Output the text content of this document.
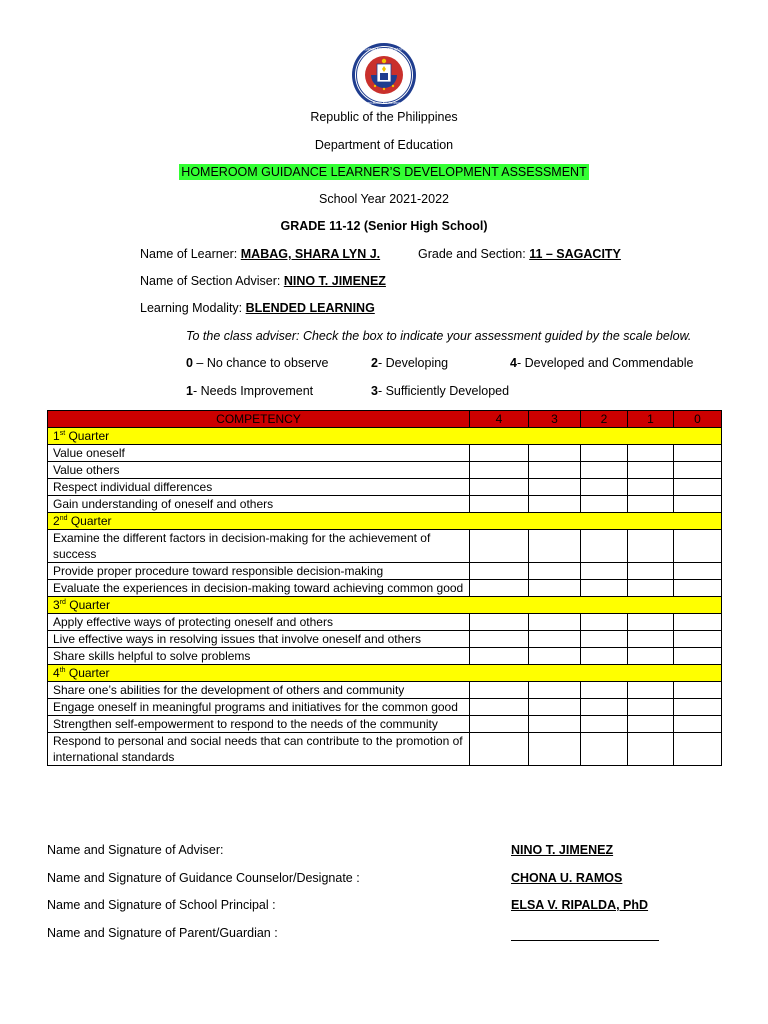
KAGAWARAN NG EDUKASYON
REPUBLIKA NG PILIPINAS
Republic of the Philippines
Department of Education
HOMEROOM GUIDANCE LEARNER’S DEVELOPMENT ASSESSMENT
School Year 2021-2022
GRADE 11-12 (Senior High School)
Name of Learner: MABAG, SHARA LYN J.	Grade and Section: 11 – SAGACITY
Name of Section Adviser: NINO T. JIMENEZ
Learning Modality: BLENDED LEARNING
To the class adviser: Check the box to indicate your assessment guided by the scale below.
0 – No chance to observe	2- Developing	4- Developed and Commendable
1- Needs Improvement	3- Sufficiently Developed
COMPETENCY	4	3	2	1	0
1st Quarter					
Value oneself					
Value others					
Respect individual differences					
Gain understanding of oneself and others					
2nd Quarter					
Examine the different factors in decision-making for the achievement of success					
Provide proper procedure toward responsible decision-making					
Evaluate the experiences in decision-making toward achieving common good					
3rd Quarter					
Apply effective ways of protecting oneself and others					
Live effective ways in resolving issues that involve oneself and others					
Share skills helpful to solve problems					
4th Quarter					
Share one’s abilities for the development of others and community					
Engage oneself in meaningful programs and initiatives for the common good					
Strengthen self-empowerment to respond to the needs of the community					
Respond to personal and social needs that can contribute to the promotion of international standards					
Name and Signature of Adviser:	NINO T. JIMENEZ
Name and Signature of Guidance Counselor/Designate :	CHONA U. RAMOS
Name and Signature of School Principal :	ELSA V. RIPALDA, PhD
Name and Signature of Parent/Guardian :
